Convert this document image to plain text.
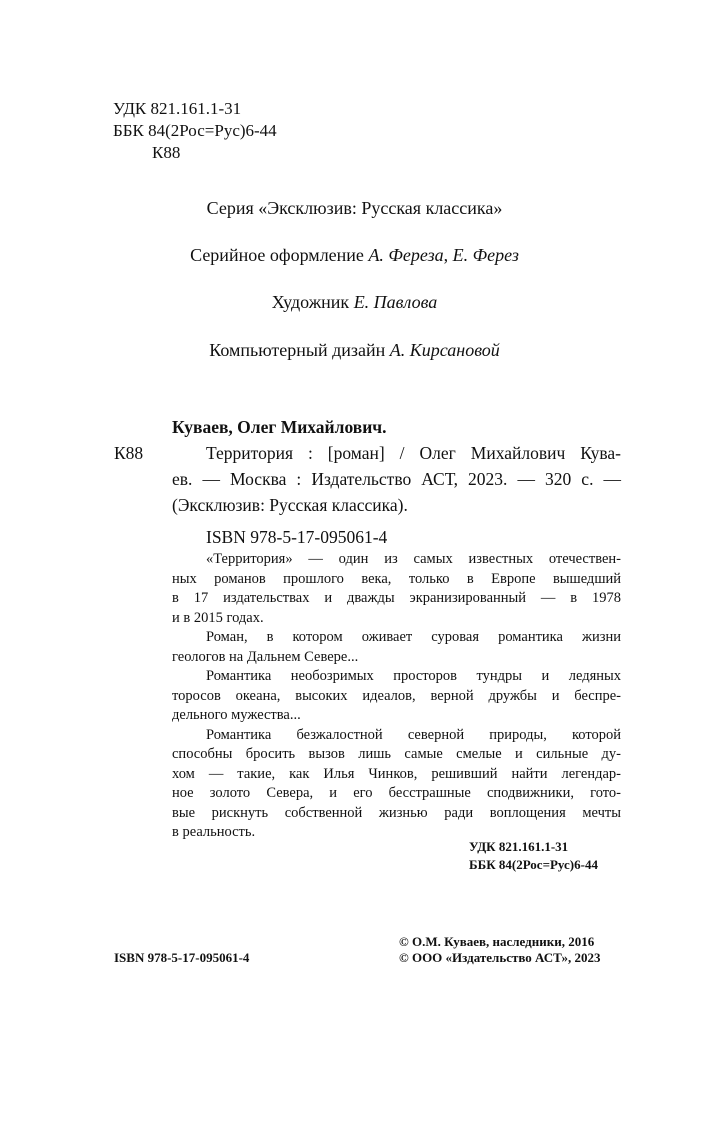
УДК 821.161.1-31
ББК 84(2Рос=Рус)6-44
К88
Серия «Эксклюзив: Русская классика»
Серийное оформление А. Фереза, Е. Ферез
Художник Е. Павлова
Компьютерный дизайн А. Кирсановой
Куваев, Олег Михайлович.
К88	Территория : [роман] / Олег Михайлович Кува-
ев. — Москва : Издательство АСТ, 2023. — 320 с. —
(Эксклюзив: Русская классика).
ISBN 978-5-17-095061-4
«Территория» — один из самых известных отечествен-
ных романов прошлого века, только в Европе вышедший
в 17 издательствах и дважды экранизированный — в 1978
и в 2015 годах.
Роман, в котором оживает суровая романтика жизни
геологов на Дальнем Севере...
Романтика необозримых просторов тундры и ледяных
торосов океана, высоких идеалов, верной дружбы и беспре-
дельного мужества...
Романтика безжалостной северной природы, которой
способны бросить вызов лишь самые смелые и сильные ду-
хом — такие, как Илья Чинков, решивший найти легендар-
ное золото Севера, и его бесстрашные сподвижники, гото-
вые рискнуть собственной жизнью ради воплощения мечты
в реальность.
УДК 821.161.1-31
ББК 84(2Рос=Рус)6-44
ISBN 978-5-17-095061-4
© О.М. Куваев, наследники, 2016
© ООО «Издательство АСТ», 2023
